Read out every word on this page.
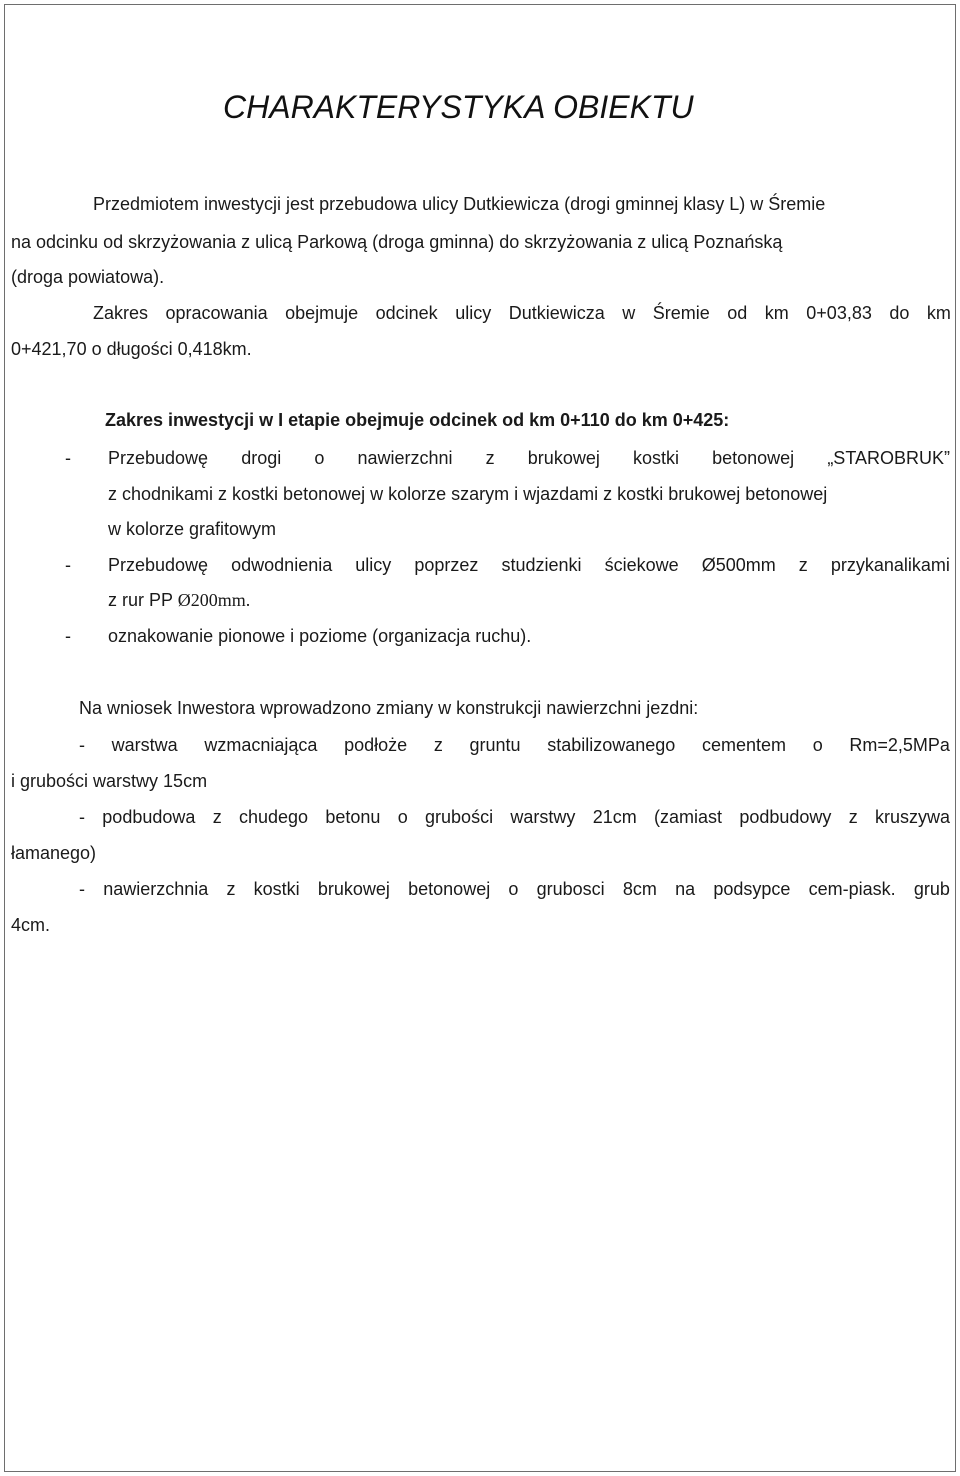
CHARAKTERYSTYKA OBIEKTU
Przedmiotem inwestycji jest przebudowa ulicy Dutkiewicza (drogi gminnej klasy L) w Śremie
na odcinku od skrzyżowania z ulicą Parkową (droga gminna) do skrzyżowania z ulicą Poznańską
(droga powiatowa).
Zakres opracowania obejmuje odcinek ulicy Dutkiewicza w Śremie od km 0+03,83 do km
0+421,70 o długości 0,418km.
Zakres inwestycji w I etapie obejmuje odcinek od km 0+110 do km 0+425:
- Przebudowę drogi o nawierzchni z brukowej kostki betonowej „STAROBRUK”
z chodnikami z kostki betonowej w kolorze szarym i wjazdami z kostki brukowej betonowej
w kolorze grafitowym
- Przebudowę odwodnienia ulicy poprzez studzienki ściekowe Ø500mm z przykanalikami
z rur PP Ø200mm.
- oznakowanie pionowe i poziome (organizacja ruchu).
Na wniosek Inwestora wprowadzono zmiany w konstrukcji nawierzchni jezdni:
- warstwa wzmacniająca podłoże z gruntu stabilizowanego cementem o Rm=2,5MPa
i grubości warstwy 15cm
- podbudowa z chudego betonu o grubości warstwy 21cm (zamiast podbudowy z kruszywa
łamanego)
- nawierzchnia z kostki brukowej betonowej o grubosci 8cm na podsypce cem-piask. grub
4cm.
